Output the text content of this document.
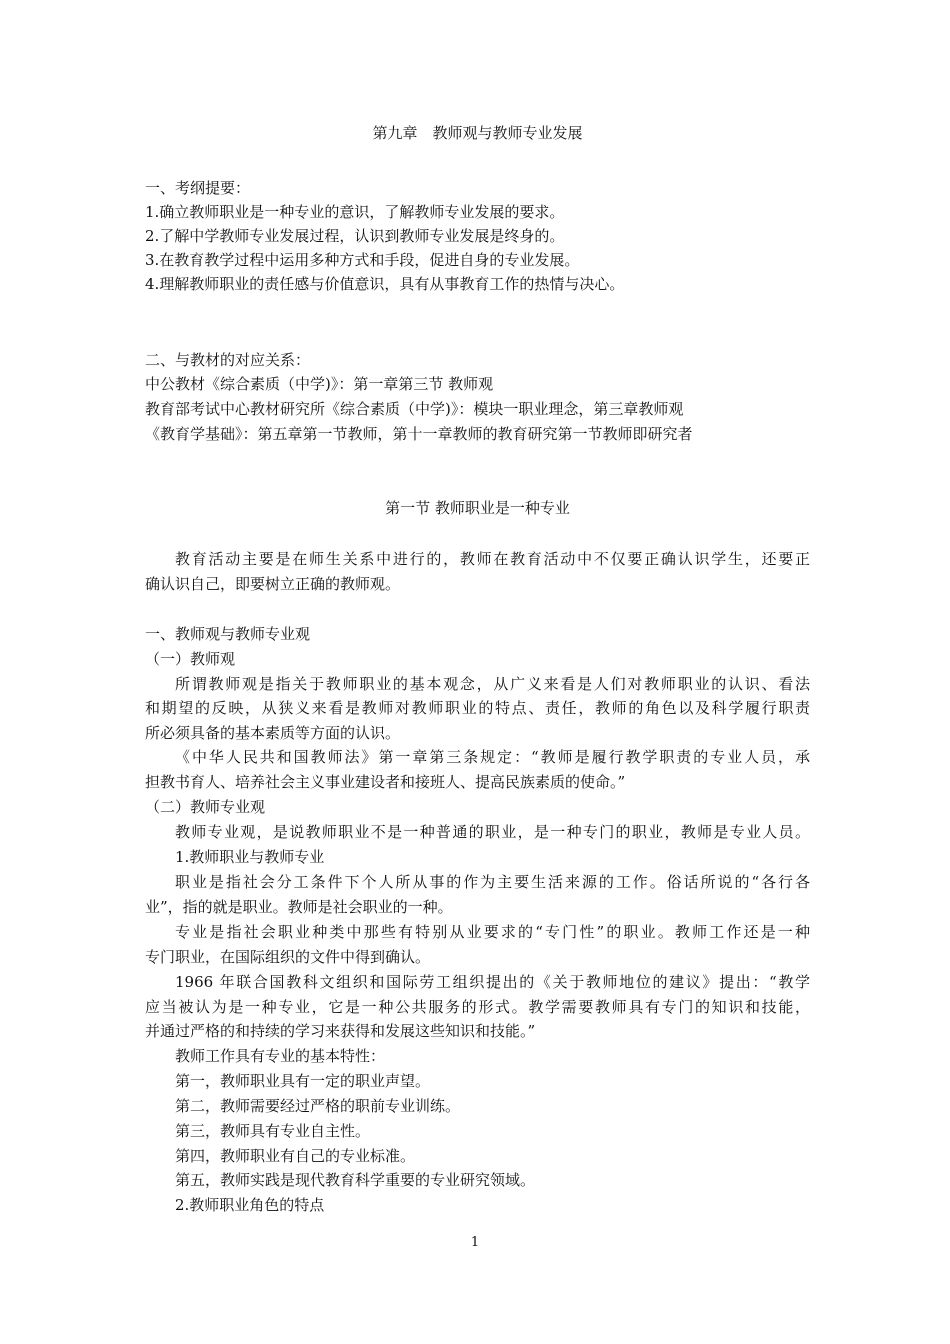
第九章　教师观与教师专业发展
一、考纲提要：
1.确立教师职业是一种专业的意识，了解教师专业发展的要求。
2.了解中学教师专业发展过程，认识到教师专业发展是终身的。
3.在教育教学过程中运用多种方式和手段，促进自身的专业发展。
4.理解教师职业的责任感与价值意识，具有从事教育工作的热情与决心。
二、与教材的对应关系：
中公教材《综合素质（中学)》：第一章第三节 教师观
教育部考试中心教材研究所《综合素质（中学)》：模块一职业理念，第三章教师观
《教育学基础》：第五章第一节教师，第十一章教师的教育研究第一节教师即研究者
第一节 教师职业是一种专业
教育活动主要是在师生关系中进行的，教师在教育活动中不仅要正确认识学生，还要正
确认识自己，即要树立正确的教师观。
一、教师观与教师专业观
（一）教师观
所谓教师观是指关于教师职业的基本观念，从广义来看是人们对教师职业的认识、看法
和期望的反映，从狭义来看是教师对教师职业的特点、责任，教师的角色以及科学履行职责
所必须具备的基本素质等方面的认识。
《中华人民共和国教师法》第一章第三条规定：“教师是履行教学职责的专业人员，承
担教书育人、培养社会主义事业建设者和接班人、提高民族素质的使命。”
（二）教师专业观
教师专业观，是说教师职业不是一种普通的职业，是一种专门的职业，教师是专业人员。
1.教师职业与教师专业
职业是指社会分工条件下个人所从事的作为主要生活来源的工作。俗话所说的“各行各
业”，指的就是职业。教师是社会职业的一种。
专业是指社会职业种类中那些有特别从业要求的“专门性”的职业。教师工作还是一种
专门职业，在国际组织的文件中得到确认。
1966 年联合国教科文组织和国际劳工组织提出的《关于教师地位的建议》提出：“教学
应当被认为是一种专业，它是一种公共服务的形式。教学需要教师具有专门的知识和技能，
并通过严格的和持续的学习来获得和发展这些知识和技能。”
教师工作具有专业的基本特性：
第一，教师职业具有一定的职业声望。
第二，教师需要经过严格的职前专业训练。
第三，教师具有专业自主性。
第四，教师职业有自己的专业标准。
第五，教师实践是现代教育科学重要的专业研究领域。
2.教师职业角色的特点
1
